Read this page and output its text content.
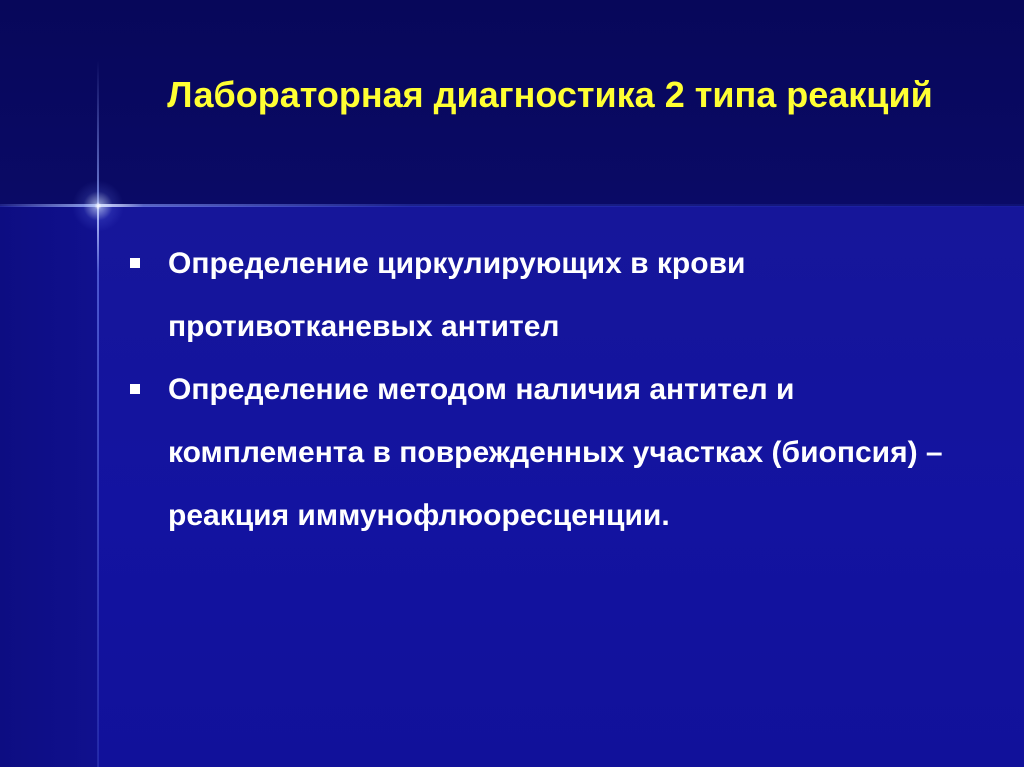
Лабораторная диагностика 2 типа реакций
Определение циркулирующих в крови противотканевых антител
Определение методом наличия антител и комплемента в поврежденных участках (биопсия) – реакция иммунофлюоресценции.
